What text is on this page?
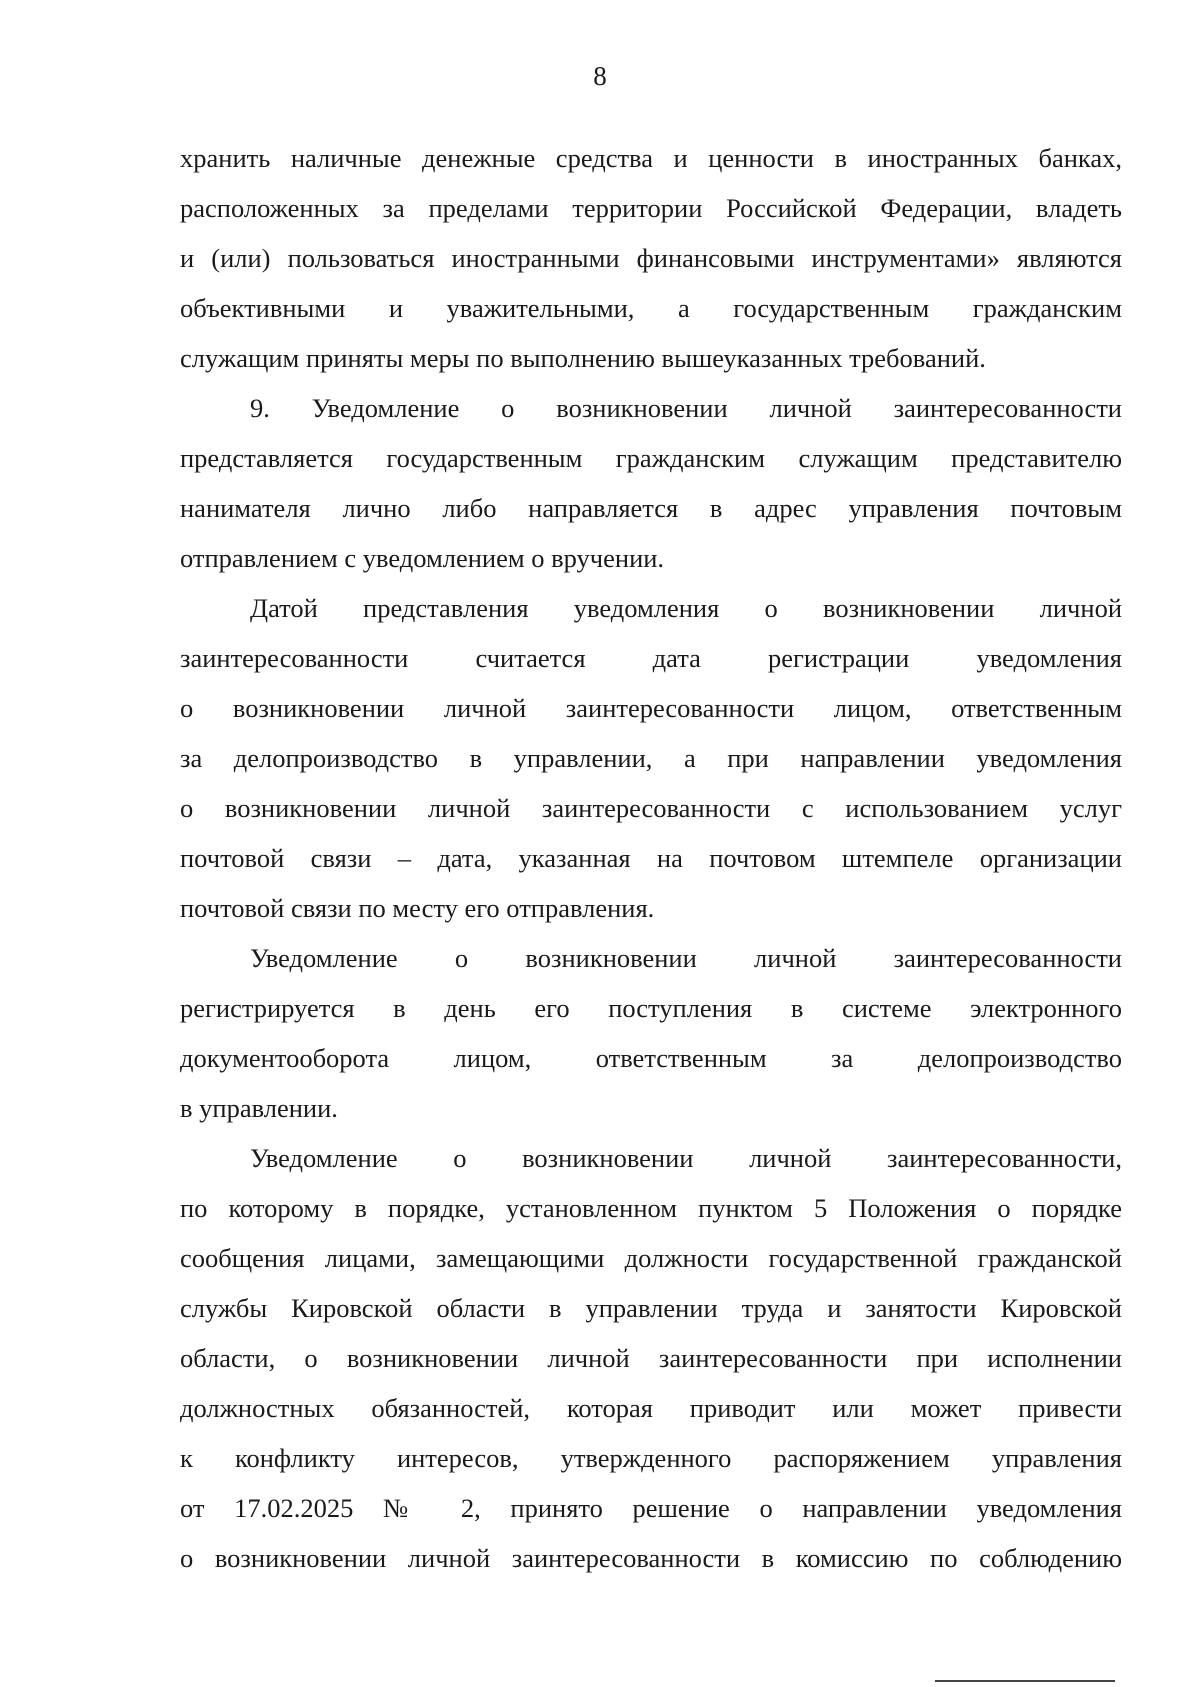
8
хранить наличные денежные средства и ценности в иностранных банках,
расположенных за пределами территории Российской Федерации, владеть
и (или) пользоваться иностранными финансовыми инструментами» являются
объективными и уважительными, а государственным гражданским
служащим приняты меры по выполнению вышеуказанных требований.
9. Уведомление о возникновении личной заинтересованности
представляется государственным гражданским служащим представителю
нанимателя лично либо направляется в адрес управления почтовым
отправлением с уведомлением о вручении.
Датой представления уведомления о возникновении личной
заинтересованности считается дата регистрации уведомления
о возникновении личной заинтересованности лицом, ответственным
за делопроизводство в управлении, а при направлении уведомления
о возникновении личной заинтересованности с использованием услуг
почтовой связи – дата, указанная на почтовом штемпеле организации
почтовой связи по месту его отправления.
Уведомление о возникновении личной заинтересованности
регистрируется в день его поступления в системе электронного
документооборота лицом, ответственным за делопроизводство
в управлении.
Уведомление о возникновении личной заинтересованности,
по которому в порядке, установленном пунктом 5 Положения о порядке
сообщения лицами, замещающими должности государственной гражданской
службы Кировской области в управлении труда и занятости Кировской
области, о возникновении личной заинтересованности при исполнении
должностных обязанностей, которая приводит или может привести
к конфликту интересов, утвержденного распоряжением управления
от 17.02.2025 № 2, принято решение о направлении уведомления
о возникновении личной заинтересованности в комиссию по соблюдению
